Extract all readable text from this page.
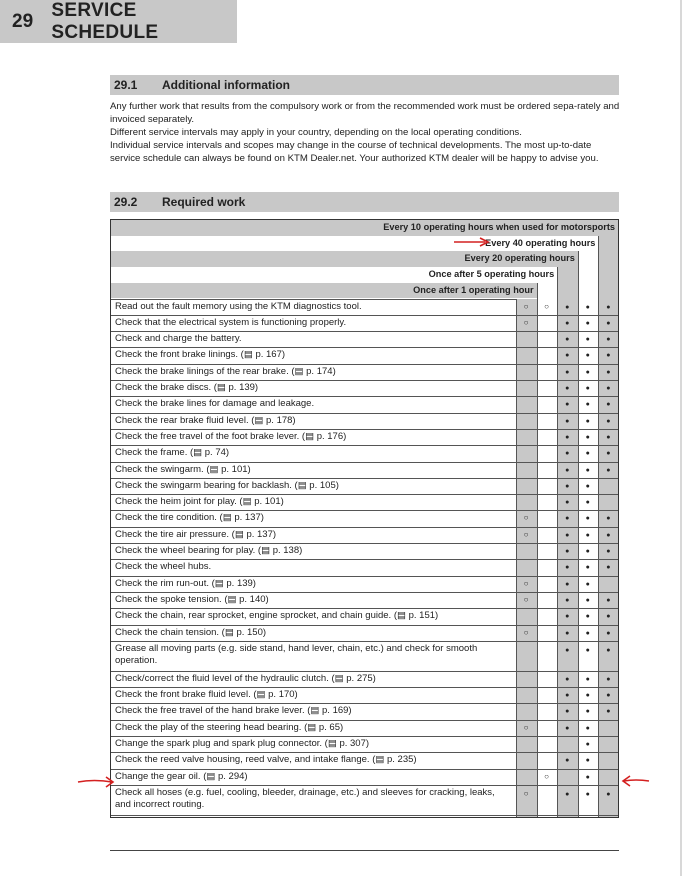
29
SERVICE SCHEDULE
29.1	Additional information

Any further work that results from the compulsory work or from the recommended work must be ordered sepa-rately and invoiced separately.

Different service intervals may apply in your country, depending on the local operating conditions.

Individual service intervals and scopes may change in the course of technical developments. The most up-to-date service schedule can always be found on KTM Dealer.net. Your authorized KTM dealer will be happy to advise you.

29.2	Required work
Every 10 operating hours when used for motorsports
Every 40 operating hours
Every 20 operating hours
Once after 5 operating hours
Once after 1 operating hour
Read out the fault memory using the KTM diagnostics tool.
○
○
●
●
●
Check that the electrical system is functioning properly.
○
●
●
●
Check and charge the battery.
●
●
●
Check the front brake linings. (▤ p. 167)
●
●
●
Check the brake linings of the rear brake. (▤ p. 174)
●
●
●
Check the brake discs. (▤ p. 139)
●
●
●
Check the brake lines for damage and leakage.
●
●
●
Check the rear brake fluid level. (▤ p. 178)
●
●
●
Check the free travel of the foot brake lever. (▤ p. 176)
●
●
●
Check the frame. (▤ p. 74)
●
●
●
Check the swingarm. (▤ p. 101)
●
●
●
Check the swingarm bearing for backlash. (▤ p. 105)
●
●
Check the heim joint for play. (▤ p. 101)
●
●
Check the tire condition. (▤ p. 137)
○
●
●
●
Check the tire air pressure. (▤ p. 137)
○
●
●
●
Check the wheel bearing for play. (▤ p. 138)
●
●
●
Check the wheel hubs.
●
●
●
Check the rim run-out. (▤ p. 139)
○
●
●
Check the spoke tension. (▤ p. 140)
○
●
●
●
Check the chain, rear sprocket, engine sprocket, and chain guide. (▤ p. 151)
●
●
●
Check the chain tension. (▤ p. 150)
○
●
●
●
Grease all moving parts (e.g. side stand, hand lever, chain, etc.) and check for smooth operation.
●
●
●
Check/correct the fluid level of the hydraulic clutch. (▤ p. 275)
●
●
●
Check the front brake fluid level. (▤ p. 170)
●
●
●
Check the free travel of the hand brake lever. (▤ p. 169)
●
●
●
Check the play of the steering head bearing. (▤ p. 65)
○
●
●
Change the spark plug and spark plug connector. (▤ p. 307)
●
Check the reed valve housing, reed valve, and intake flange. (▤ p. 235)
●
●
Change the gear oil. (▤ p. 294)
○
●
Check all hoses (e.g. fuel, cooling, bleeder, drainage, etc.) and sleeves for cracking, leaks, and incorrect routing.
○
●
●
●
